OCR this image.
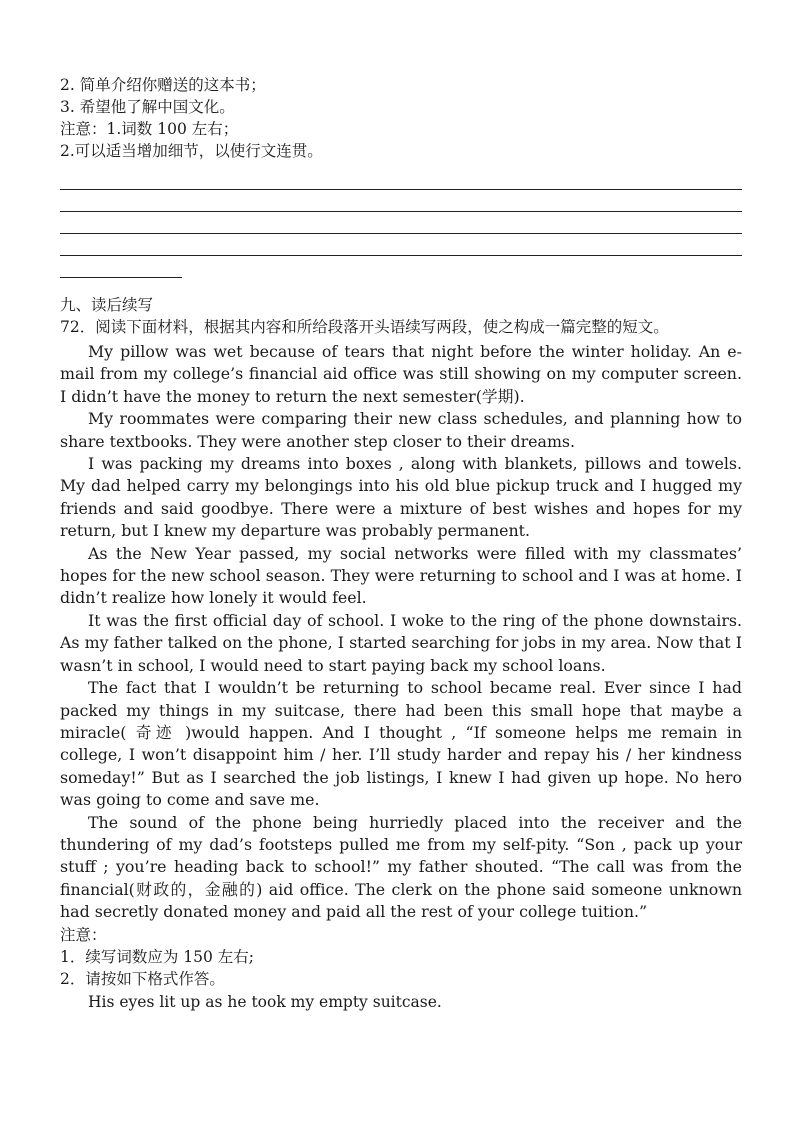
2. 简单介绍你赠送的这本书；
3. 希望他了解中国文化。
注意：1.词数 100 左右；
2.可以适当增加细节，以使行文连贯。
九、读后续写
72．阅读下面材料，根据其内容和所给段落开头语续写两段，使之构成一篇完整的短文。

My pillow was wet because of tears that night before the winter holiday. An e-mail from my college’s financial aid office was still showing on my computer screen. I didn’t have the money to return the next semester(学期).

My roommates were comparing their new class schedules, and planning how to share textbooks. They were another step closer to their dreams.

I was packing my dreams into boxes , along with blankets, pillows and towels. My dad helped carry my belongings into his old blue pickup truck and I hugged my friends and said goodbye. There were a mixture of best wishes and hopes for my return, but I knew my departure was probably permanent.

As the New Year passed, my social networks were filled with my classmates’ hopes for the new school season. They were returning to school and I was at home. I didn’t realize how lonely it would feel.

It was the first official day of school. I woke to the ring of the phone downstairs. As my father talked on the phone, I started searching for jobs in my area. Now that I wasn’t in school, I would need to start paying back my school loans.

The fact that I wouldn’t be returning to school became real. Ever since I had packed my things in my suitcase, there had been this small hope that maybe a miracle( 奇迹 )would happen. And I thought , “If someone helps me remain in college, I won’t disappoint him / her. I’ll study harder and repay his / her kindness someday!” But as I searched the job listings, I knew I had given up hope. No hero was going to come and save me.

The sound of the phone being hurriedly placed into the receiver and the thundering of my dad’s footsteps pulled me from my self-pity. “Son , pack up your stuff ; you’re heading back to school!” my father shouted. “The call was from the financial(财政的，金融的) aid office. The clerk on the phone said someone unknown had secretly donated money and paid all the rest of your college tuition.”

注意：
1．续写词数应为 150 左右;
2．请按如下格式作答。
His eyes lit up as he took my empty suitcase.
